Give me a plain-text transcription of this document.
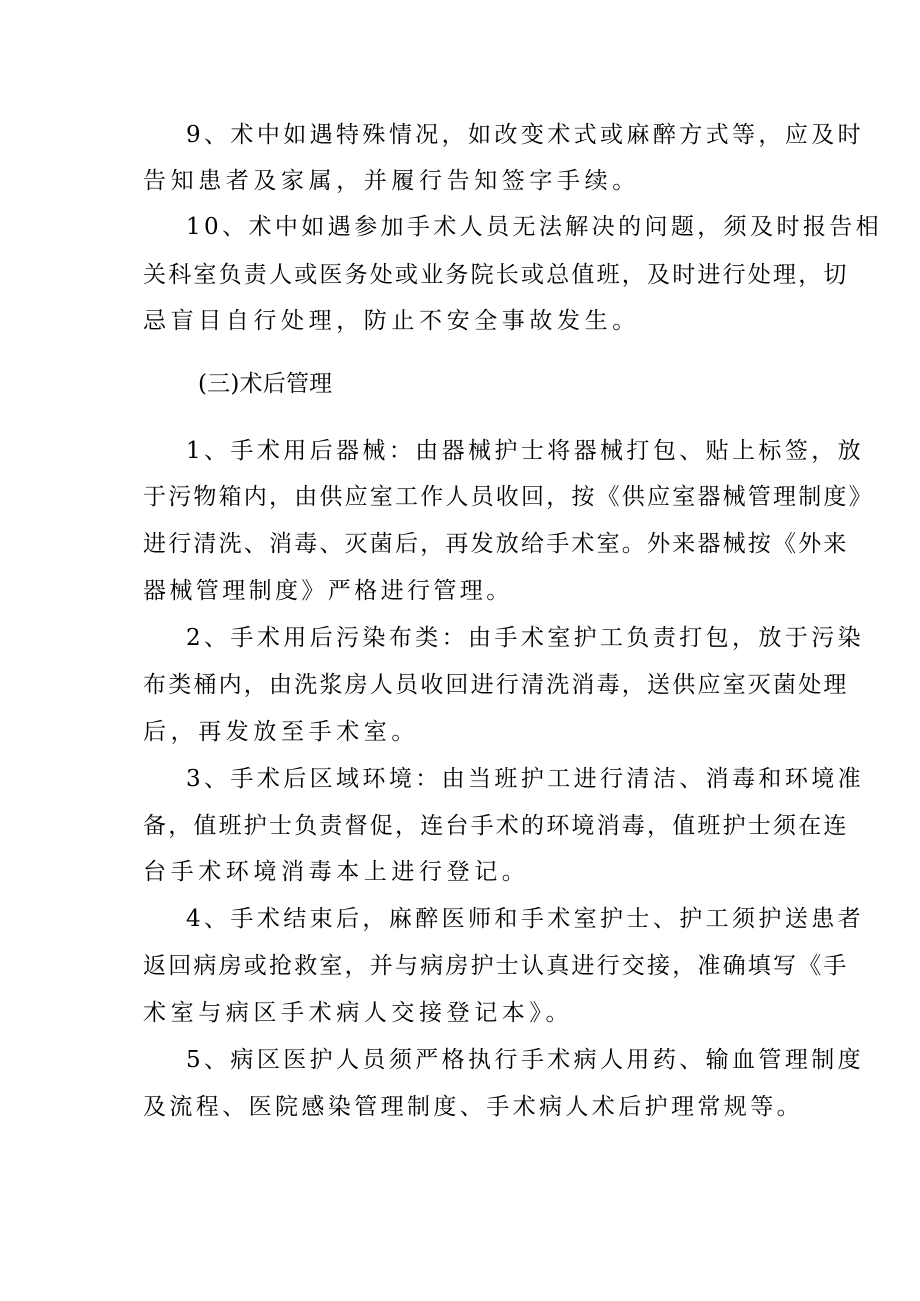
9、术中如遇特殊情况，如改变术式或麻醉方式等，应及时
告知患者及家属，并履行告知签字手续。
10、术中如遇参加手术人员无法解决的问题，须及时报告相
关科室负责人或医务处或业务院长或总值班，及时进行处理，切
忌盲目自行处理，防止不安全事故发生。
(三)术后管理
1、手术用后器械：由器械护士将器械打包、贴上标签，放
于污物箱内，由供应室工作人员收回，按《供应室器械管理制度》
进行清洗、消毒、灭菌后，再发放给手术室。外来器械按《外来
器械管理制度》严格进行管理。
2、手术用后污染布类：由手术室护工负责打包，放于污染
布类桶内，由洗浆房人员收回进行清洗消毒，送供应室灭菌处理
后，再发放至手术室。
3、手术后区域环境：由当班护工进行清洁、消毒和环境准
备，值班护士负责督促，连台手术的环境消毒，值班护士须在连
台手术环境消毒本上进行登记。
4、手术结束后，麻醉医师和手术室护士、护工须护送患者
返回病房或抢救室，并与病房护士认真进行交接，准确填写《手
术室与病区手术病人交接登记本》。
5、病区医护人员须严格执行手术病人用药、输血管理制度
及流程、医院感染管理制度、手术病人术后护理常规等。
